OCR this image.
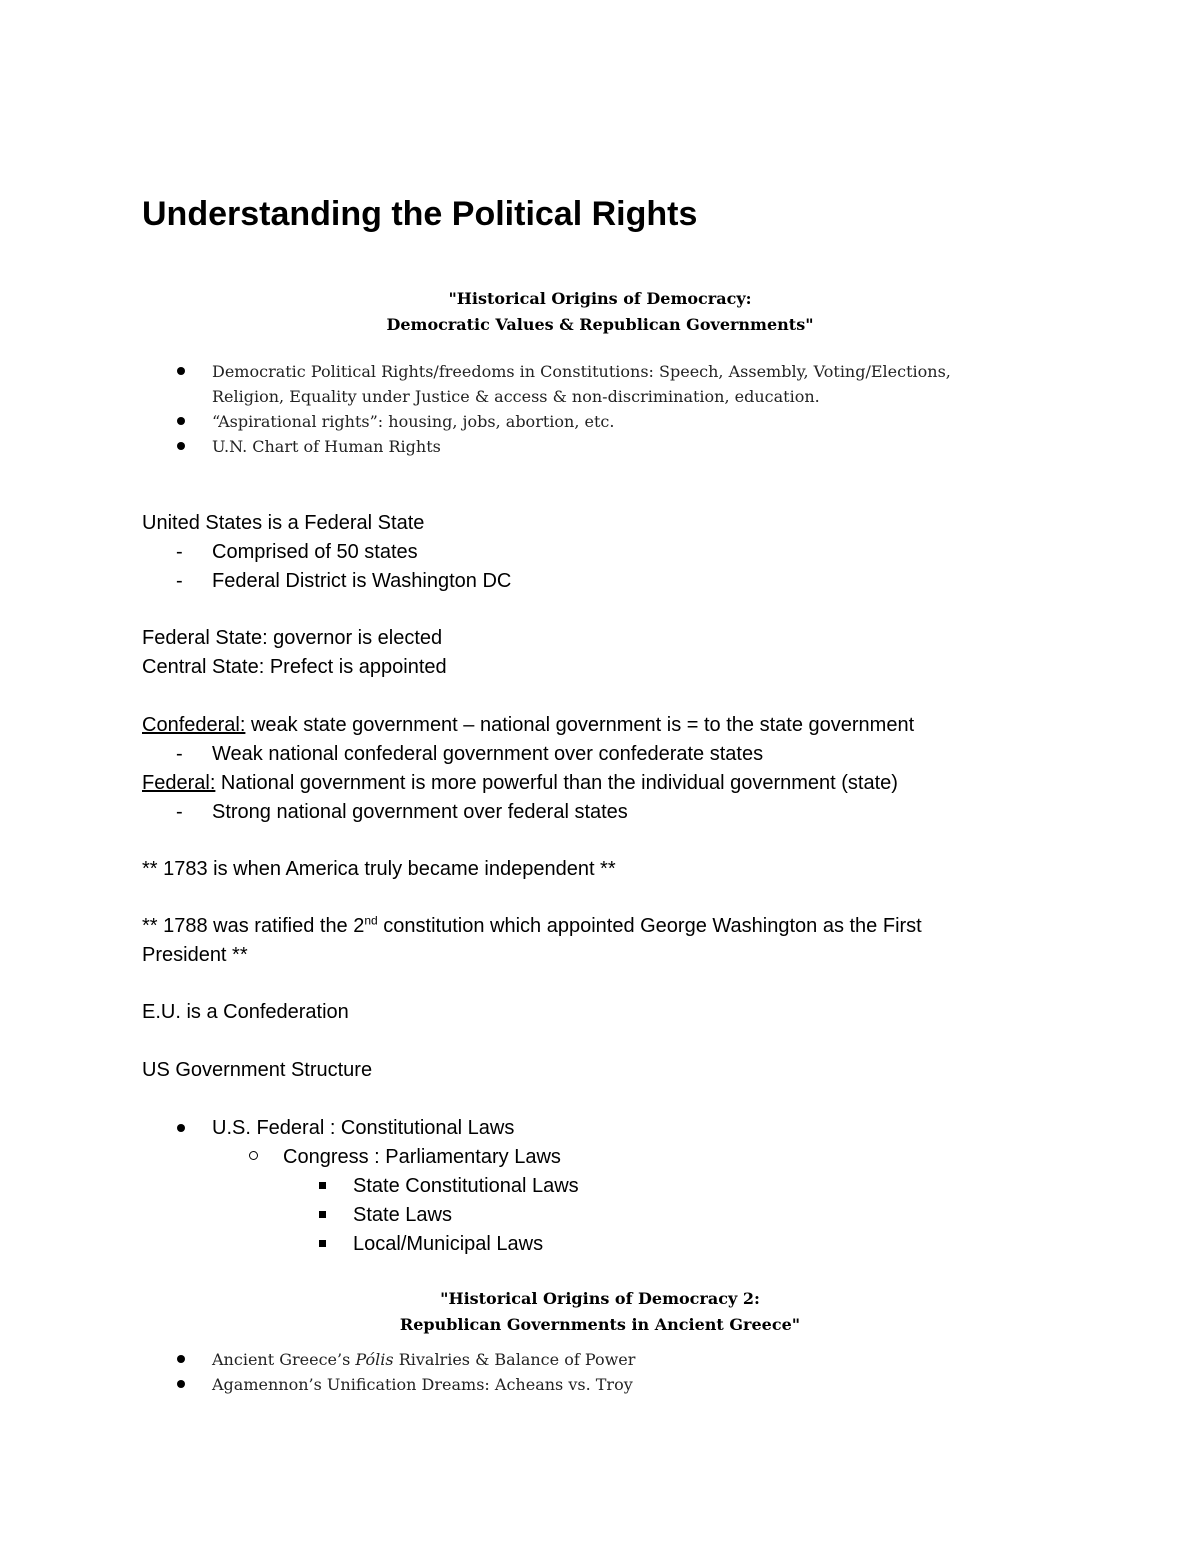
Understanding the Political Rights
"Historical Origins of Democracy:
Democratic Values & Republican Governments"
Democratic Political Rights/freedoms in Constitutions: Speech, Assembly, Voting/Elections, Religion, Equality under Justice & access & non-discrimination, education.
“Aspirational rights”: housing, jobs, abortion, etc.
U.N. Chart of Human Rights
United States is a Federal State
- Comprised of 50 states
- Federal District is Washington DC
Federal State: governor is elected
Central State: Prefect is appointed
Confederal: weak state government – national government is = to the state government
- Weak national confederal government over confederate states
Federal: National government is more powerful than the individual government (state)
- Strong national government over federal states
** 1783 is when America truly became independent **
** 1788 was ratified the 2nd constitution which appointed George Washington as the First
President **
E.U. is a Confederation
US Government Structure
U.S. Federal : Constitutional Laws
Congress : Parliamentary Laws
State Constitutional Laws
State Laws
Local/Municipal Laws
"Historical Origins of Democracy 2:
Republican Governments in Ancient Greece"
Ancient Greece’s Pólis Rivalries & Balance of Power
Agamennon’s Unification Dreams: Acheans vs. Troy
